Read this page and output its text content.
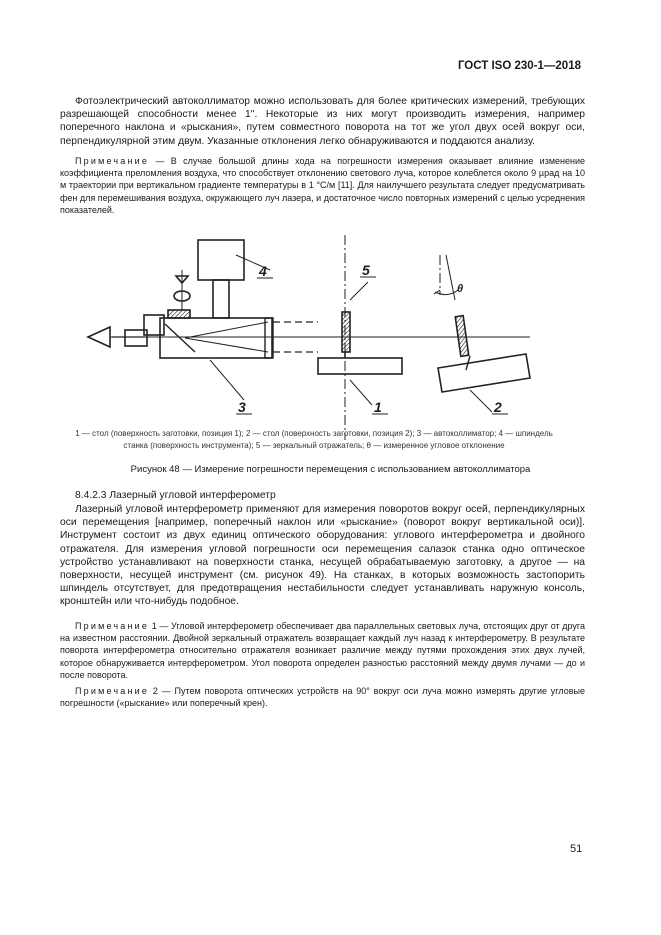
ГОСТ ISO 230-1—2018

Фотоэлектрический автоколлиматор можно использовать для более критических измерений, требующих разрешающей способности менее 1". Некоторые из них могут производить измерения, например поперечного наклона и «рыскания», путем совместного поворота на тот же угол двух осей вокруг оси, перпендикулярной этим двум. Указанные отклонения легко обнаруживаются и поддаются анализу.

Примечание — В случае большой длины хода на погрешности измерения оказывает влияние изменение коэффициента преломления воздуха, что способствует отклонению светового луча, которое колеблется около 9 µрад на 10 м траектории при вертикальном градиенте температуры в 1 °С/м [11]. Для наилучшего результата следует предусматривать фен для перемешивания воздуха, окружающего луч лазера, и достаточное число повторных измерений с целью усреднения показателей.

4	5
3	1	2
θ

1 — стол (поверхность заготовки, позиция 1); 2 — стол (поверхность заготовки, позиция 2); 3 — автоколлиматор; 4 — шпиндель
станка (поверхность инструмента); 5 — зеркальный отражатель; θ — измеренное угловое отклонение

Рисунок 48 — Измерение погрешности перемещения с использованием автоколлиматора

8.4.2.3 Лазерный угловой интерферометр

Лазерный угловой интерферометр применяют для измерения поворотов вокруг осей, перпендикулярных оси перемещения [например, поперечный наклон или «рыскание» (поворот вокруг вертикальной оси)]. Инструмент состоит из двух единиц оптического оборудования: углового интерферометра и двойного отражателя. Для измерения угловой погрешности оси перемещения салазок станка одно оптическое устройство устанавливают на поверхности станка, несущей обрабатываемую заготовку, а другое — на поверхности, несущей инструмент (см. рисунок 49). На станках, в которых возможность застопорить шпиндель отсутствует, для предотвращения нестабильности следует устанавливать наружную консоль, кронштейн или что-нибудь подобное.

Примечание 1 — Угловой интерферометр обеспечивает два параллельных световых луча, отстоящих друг от друга на известном расстоянии. Двойной зеркальный отражатель возвращает каждый луч назад к интерферометру. В результате поворота интерферометра относительно отражателя возникает различие между путями прохождения этих двух лучей, которое обнаруживается интерферометром. Угол поворота определен разностью расстояний между двумя лучами — до и после поворота.

Примечание 2 — Путем поворота оптических устройств на 90° вокруг оси луча можно измерять другие угловые погрешности («рыскание» или поперечный крен).

51
